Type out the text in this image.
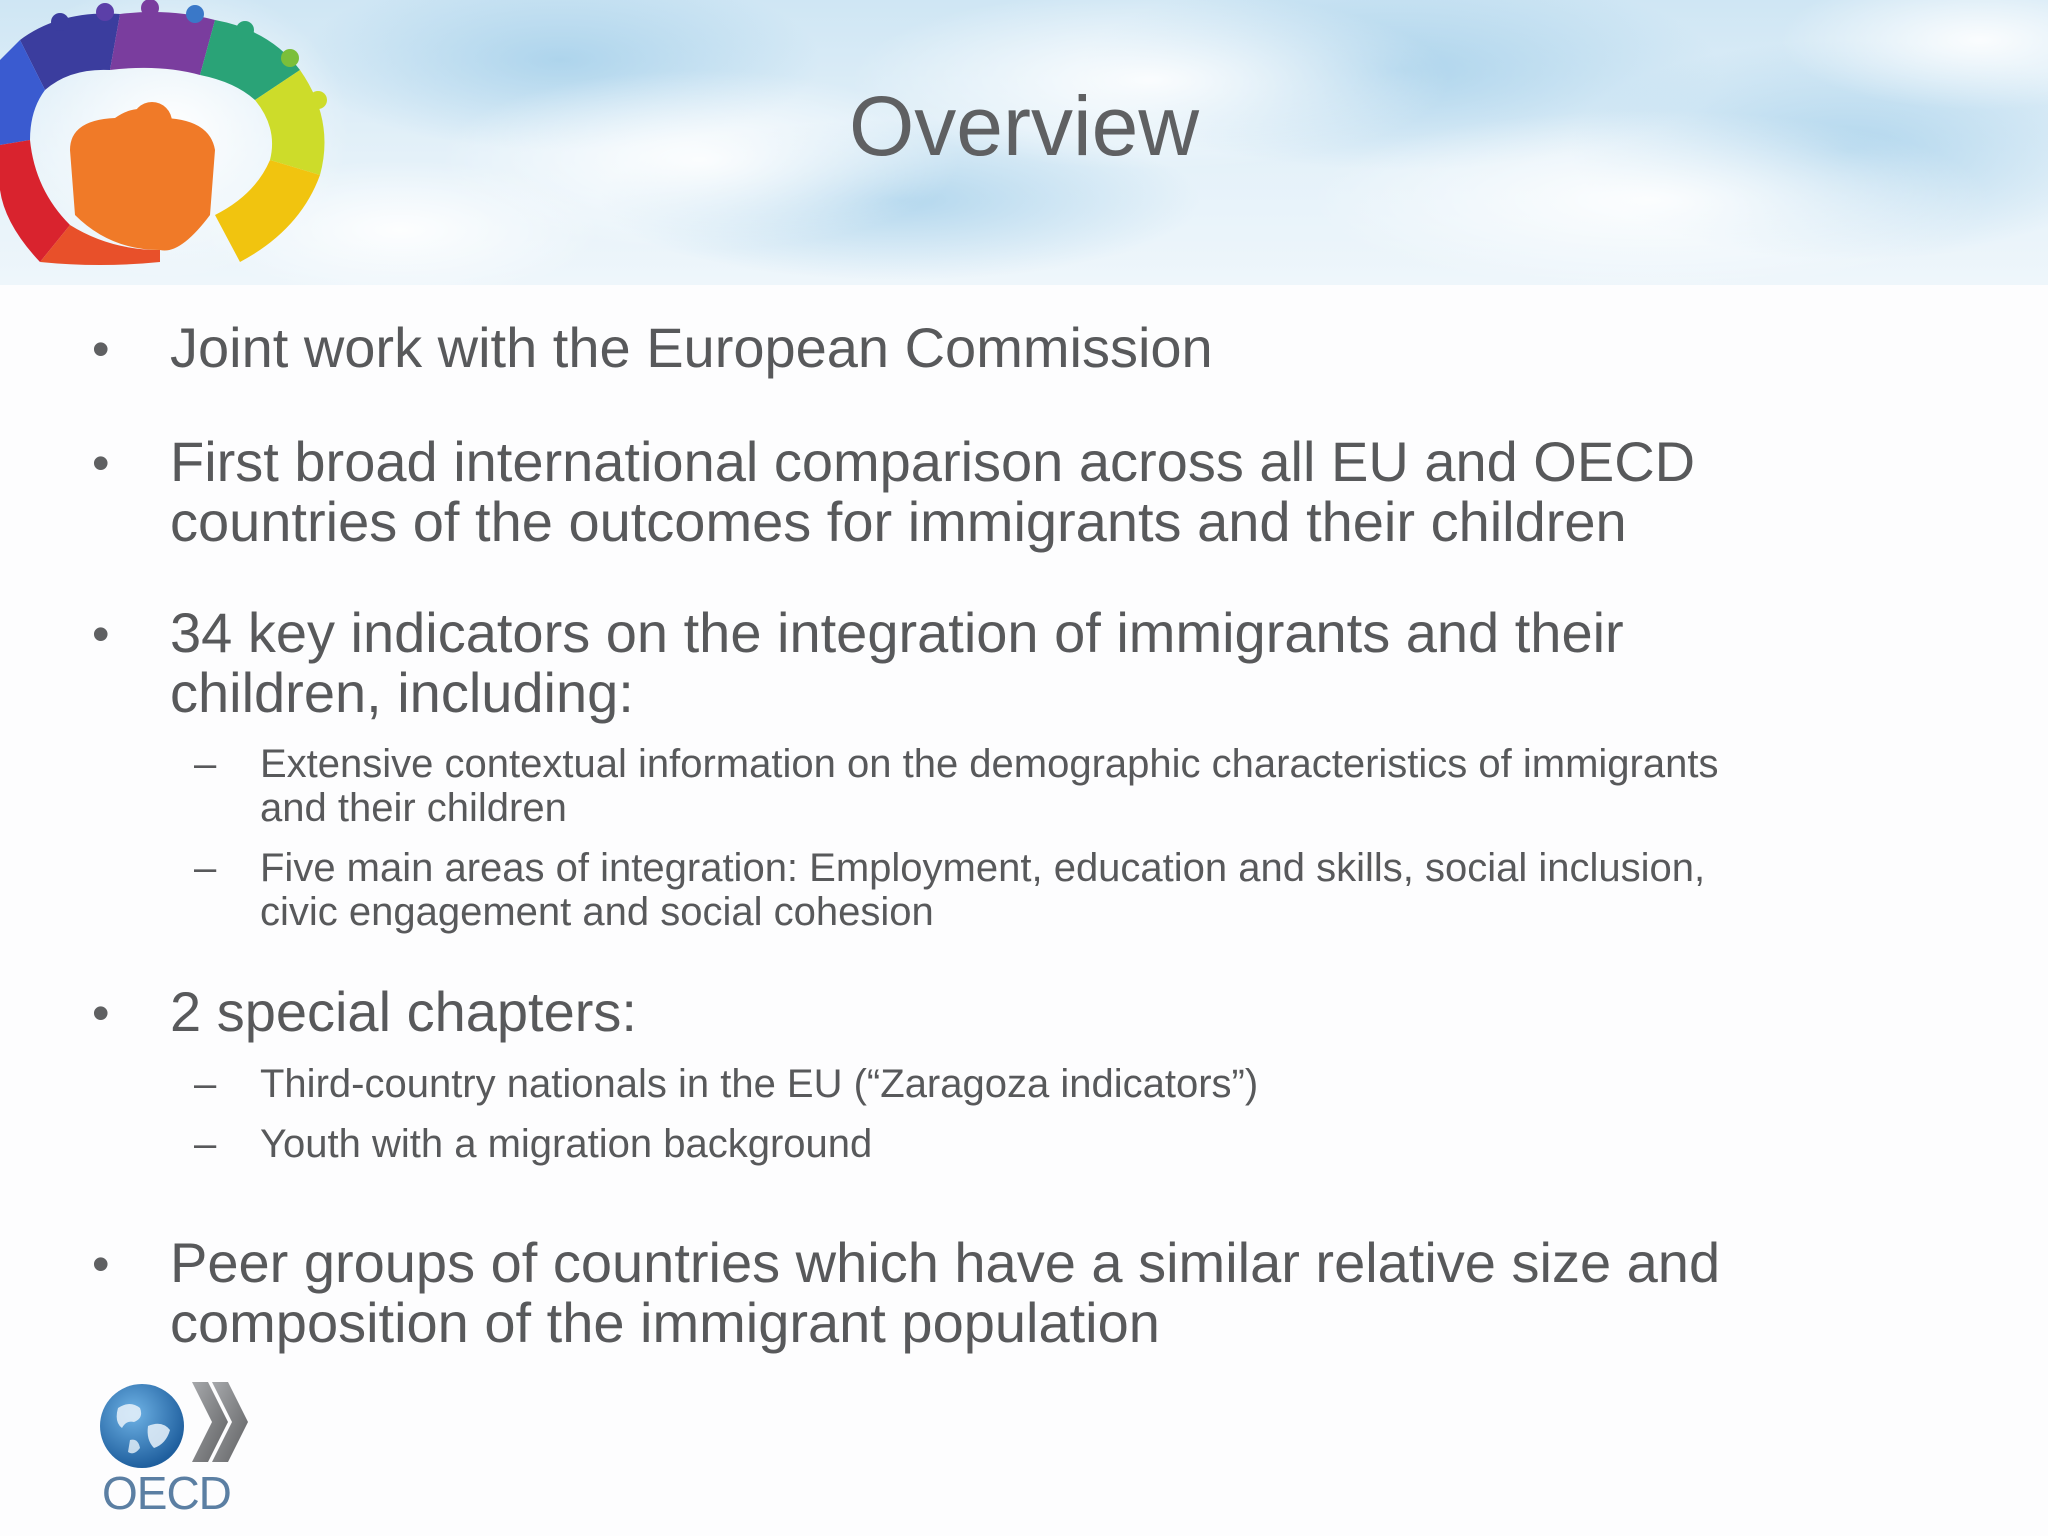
Overview
• Joint work with the European Commission
• First broad international comparison across all EU and OECD
countries of the outcomes for immigrants and their children
• 34 key indicators on the integration of immigrants and their
children, including:
– Extensive contextual information on the demographic characteristics of immigrants
and their children
– Five main areas of integration: Employment, education and skills, social inclusion,
civic engagement and social cohesion
• 2 special chapters:
– Third-country nationals in the EU (“Zaragoza indicators”)
– Youth with a migration background
• Peer groups of countries which have a similar relative size and
composition of the immigrant population
OECD
